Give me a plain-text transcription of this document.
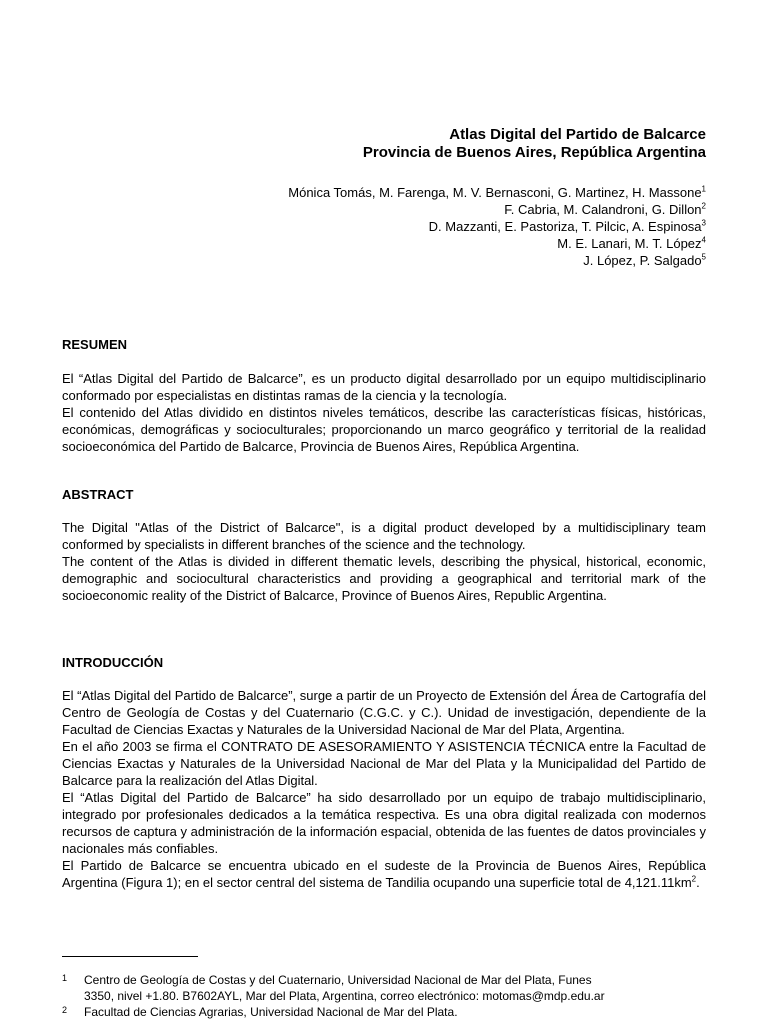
Atlas Digital del Partido de Balcarce
Provincia de Buenos Aires, República Argentina
Mónica Tomás, M. Farenga, M. V. Bernasconi, G. Martinez, H. Massone$^1$
F. Cabria, M. Calandroni, G. Dillon$^2$
D. Mazzanti, E. Pastoriza, T. Pilcic, A. Espinosa$^3$
M. E. Lanari, M. T. López$^4$
J. López, P. Salgado$^5$

RESUMEN

El “Atlas Digital del Partido de Balcarce”, es un producto digital desarrollado por un equipo multidisciplinario conformado por especialistas en distintas ramas de la ciencia y la tecnología.

El contenido del Atlas dividido en distintos niveles temáticos, describe las características físicas, históricas, económicas, demográficas y socioculturales; proporcionando un marco geográfico y territorial de la realidad socioeconómica del Partido de Balcarce, Provincia de Buenos Aires, República Argentina.

ABSTRACT

The Digital "Atlas of the District of Balcarce", is a digital product developed by a multidisciplinary team conformed by specialists in different branches of the science and the technology.

The content of the Atlas is divided in different thematic levels, describing the physical, historical, economic, demographic and sociocultural characteristics and providing a geographical and territorial mark of the socioeconomic reality of the District of Balcarce, Province of Buenos Aires, Republic Argentina.

INTRODUCCIÓN

El “Atlas Digital del Partido de Balcarce”, surge a partir de un Proyecto de Extensión del Área de Cartografía del Centro de Geología de Costas y del Cuaternario (C.G.C. y C.). Unidad de investigación, dependiente de la Facultad de Ciencias Exactas y Naturales de la Universidad Nacional de Mar del Plata, Argentina.

En el año 2003 se firma el CONTRATO DE ASESORAMIENTO Y ASISTENCIA TÉCNICA entre la Facultad de Ciencias Exactas y Naturales de la Universidad Nacional de Mar del Plata y la Municipalidad del Partido de Balcarce para la realización del Atlas Digital.

El “Atlas Digital del Partido de Balcarce” ha sido desarrollado por un equipo de trabajo multidisciplinario, integrado por profesionales dedicados a la temática respectiva. Es una obra digital realizada con modernos recursos de captura y administración de la información espacial, obtenida de las fuentes de datos provinciales y nacionales más confiables.

El Partido de Balcarce se encuentra ubicado en el sudeste de la Provincia de Buenos Aires, República Argentina (Figura 1); en el sector central del sistema de Tandilia ocupando una superficie total de $4,121.11km^2$.

1 Centro de Geología de Costas y del Cuaternario, Universidad Nacional de Mar del Plata, Funes
3350, nivel +1.80. B7602AYL, Mar del Plata, Argentina, correo electrónico: motomas@mdp.edu.ar
2 Facultad de Ciencias Agrarias, Universidad Nacional de Mar del Plata.
